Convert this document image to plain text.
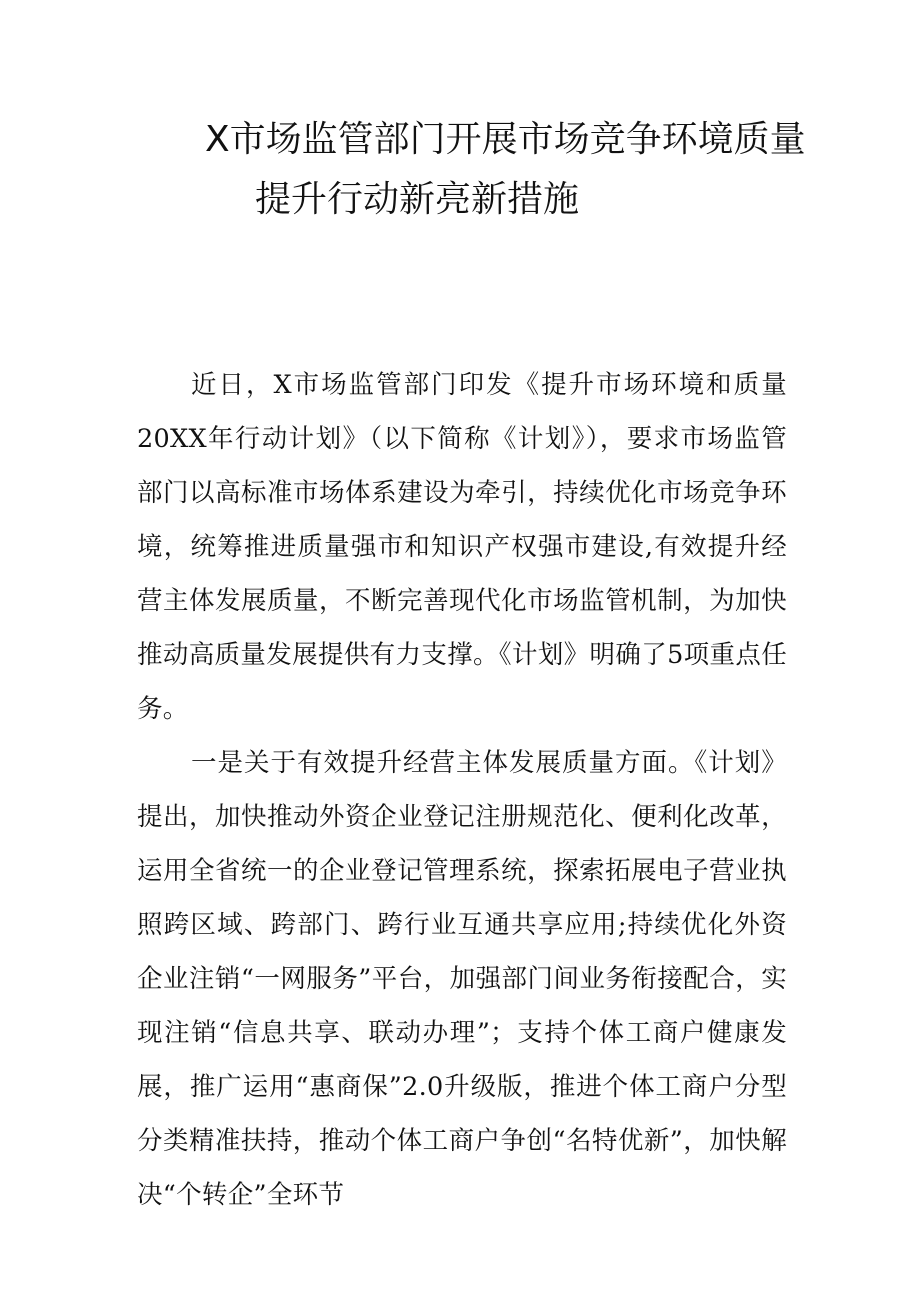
X市场监管部门开展市场竞争环境质量
提升行动新亮新措施

近日，X市场监管部门印发《提升市场环境和质量20XX年行动计划》（以下简称《计划》），要求市场监管部门以高标准市场体系建设为牵引，持续优化市场竞争环境，统筹推进质量强市和知识产权强市建设,有效提升经营主体发展质量，不断完善现代化市场监管机制，为加快推动高质量发展提供有力支撑。《计划》明确了5项重点任务。

一是关于有效提升经营主体发展质量方面。《计划》提出，加快推动外资企业登记注册规范化、便利化改革，运用全省统一的企业登记管理系统，探索拓展电子营业执照跨区域、跨部门、跨行业互通共享应用;持续优化外资企业注销“一网服务”平台，加强部门间业务衔接配合，实现注销“信息共享、联动办理”；支持个体工商户健康发展，推广运用“惠商保”2.0升级版，推进个体工商户分型分类精准扶持，推动个体工商户争创“名特优新”，加快解决“个转企”全环节
